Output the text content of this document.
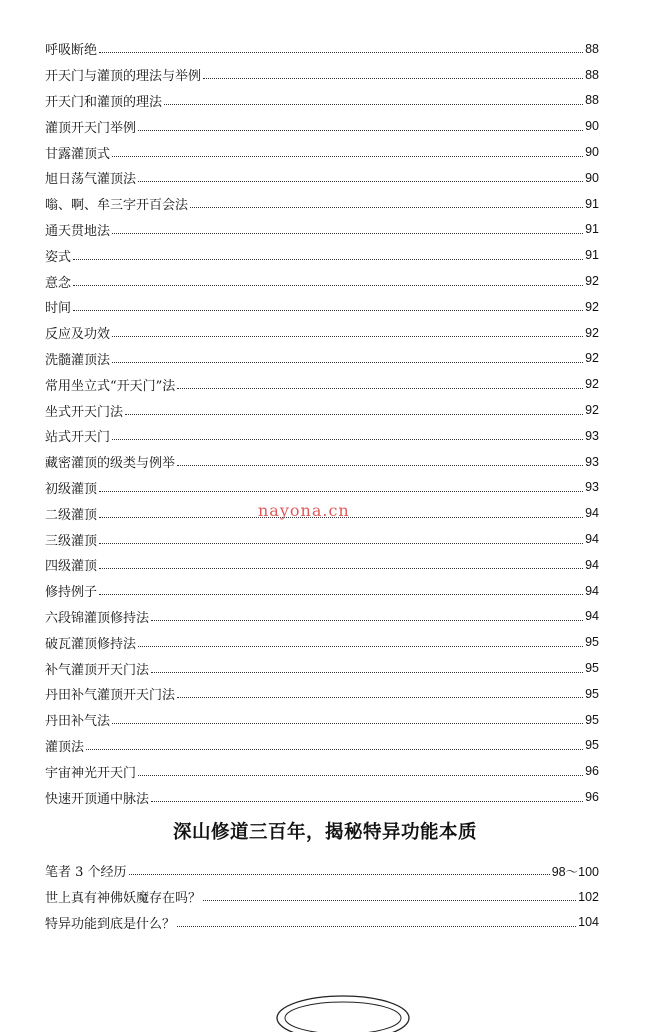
呼吸断绝	88
开天门与灌顶的理法与举例	88
开天门和灌顶的理法	88
灌顶开天门举例	90
甘露灌顶式	90
旭日荡气灌顶法	90
嗡、啊、牟三字开百会法	91
通天贯地法	91
姿式	91
意念	92
时间	92
反应及功效	92
洗髓灌顶法	92
常用坐立式“开天门”法	92
坐式开天门法	92
站式开天门	93
藏密灌顶的级类与例举	93
初级灌顶	93
二级灌顶	94
三级灌顶	94
四级灌顶	94
修持例子	94
六段锦灌顶修持法	94
破瓦灌顶修持法	95
补气灌顶开天门法	95
丹田补气灌顶开天门法	95
丹田补气法	95
灌顶法	95
宇宙神光开天门	96
快速开顶通中脉法	96
深山修道三百年，揭秘特异功能本质
笔者 3 个经历	98～100
世上真有神佛妖魔存在吗？	102
特异功能到底是什么？	104
nayona.cn
